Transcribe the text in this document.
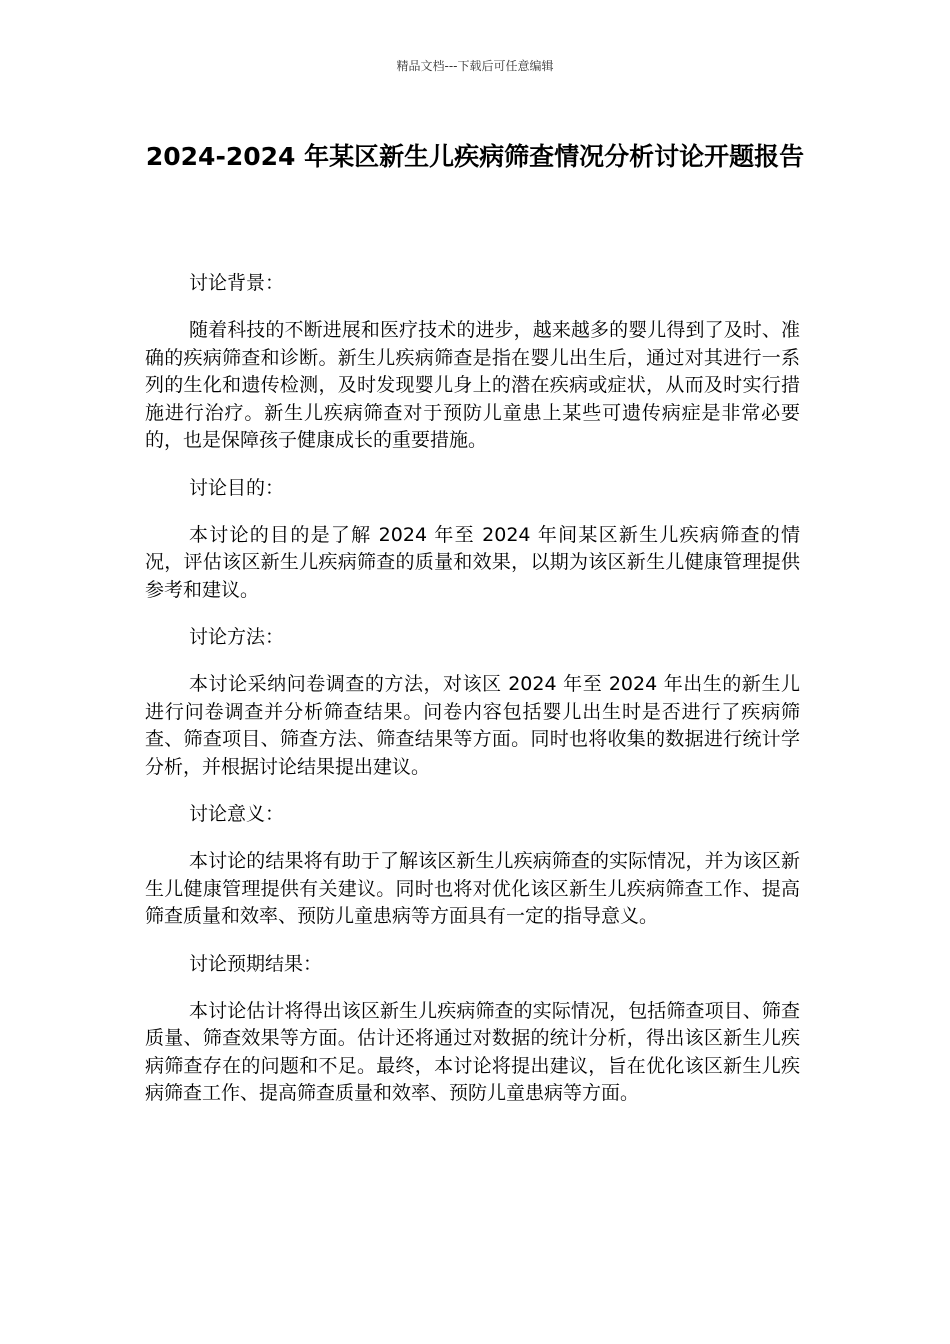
精品文档---下载后可任意编辑
2024-2024 年某区新生儿疾病筛查情况分析讨论开题报告

讨论背景：

随着科技的不断进展和医疗技术的进步，越来越多的婴儿得到了及时、准确的疾病筛查和诊断。新生儿疾病筛查是指在婴儿出生后，通过对其进行一系列的生化和遗传检测，及时发现婴儿身上的潜在疾病或症状，从而及时实行措施进行治疗。新生儿疾病筛查对于预防儿童患上某些可遗传病症是非常必要的，也是保障孩子健康成长的重要措施。

讨论目的：

本讨论的目的是了解 2024 年至 2024 年间某区新生儿疾病筛查的情况，评估该区新生儿疾病筛查的质量和效果，以期为该区新生儿健康管理提供参考和建议。

讨论方法：

本讨论采纳问卷调查的方法，对该区 2024 年至 2024 年出生的新生儿进行问卷调查并分析筛查结果。问卷内容包括婴儿出生时是否进行了疾病筛查、筛查项目、筛查方法、筛查结果等方面。同时也将收集的数据进行统计学分析，并根据讨论结果提出建议。

讨论意义：

本讨论的结果将有助于了解该区新生儿疾病筛查的实际情况，并为该区新生儿健康管理提供有关建议。同时也将对优化该区新生儿疾病筛查工作、提高筛查质量和效率、预防儿童患病等方面具有一定的指导意义。

讨论预期结果：

本讨论估计将得出该区新生儿疾病筛查的实际情况，包括筛查项目、筛查质量、筛查效果等方面。估计还将通过对数据的统计分析，得出该区新生儿疾病筛查存在的问题和不足。最终，本讨论将提出建议，旨在优化该区新生儿疾病筛查工作、提高筛查质量和效率、预防儿童患病等方面。
